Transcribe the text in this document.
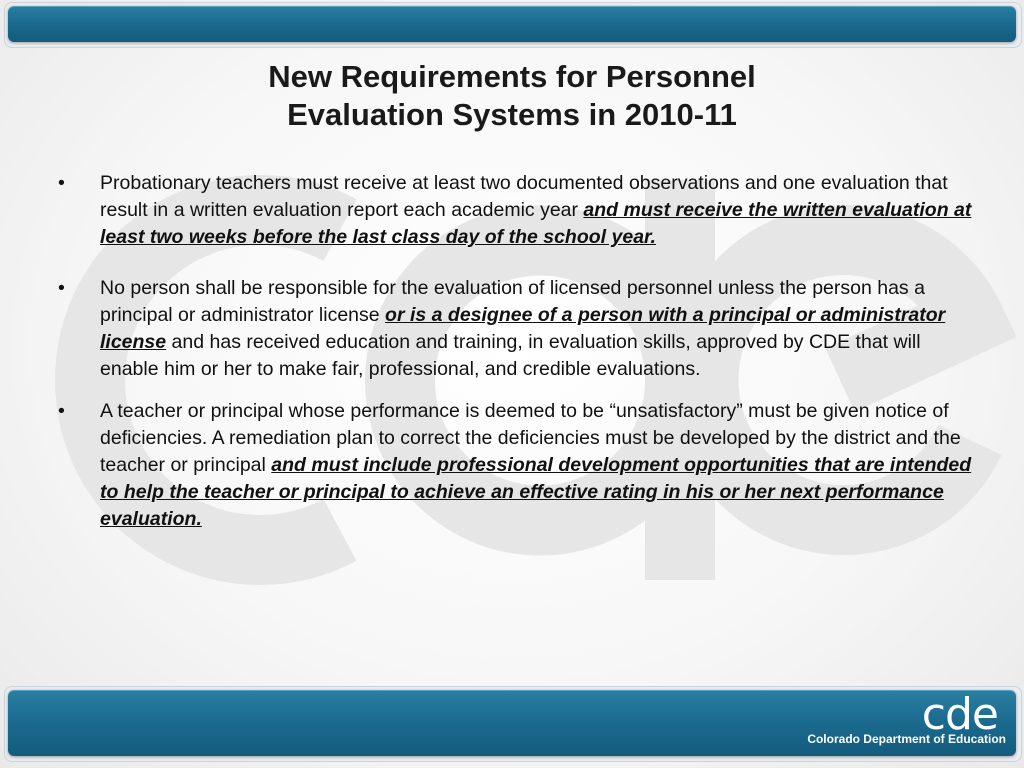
New Requirements for Personnel
Evaluation Systems in 2010-11
• Probationary teachers must receive at least two documented observations and one evaluation that result in a written evaluation report each academic year and must receive the written evaluation at least two weeks before the last class day of the school year.
• No person shall be responsible for the evaluation of licensed personnel unless the person has a principal or administrator license or is a designee of a person with a principal or administrator license and has received education and training, in evaluation skills, approved by CDE that will enable him or her to make fair, professional, and credible evaluations.
• A teacher or principal whose performance is deemed to be “unsatisfactory” must be given notice of deficiencies. A remediation plan to correct the deficiencies must be developed by the district and the teacher or principal and must include professional development opportunities that are intended to help the teacher or principal to achieve an effective rating in his or her next performance evaluation.
cde
Colorado Department of Education
